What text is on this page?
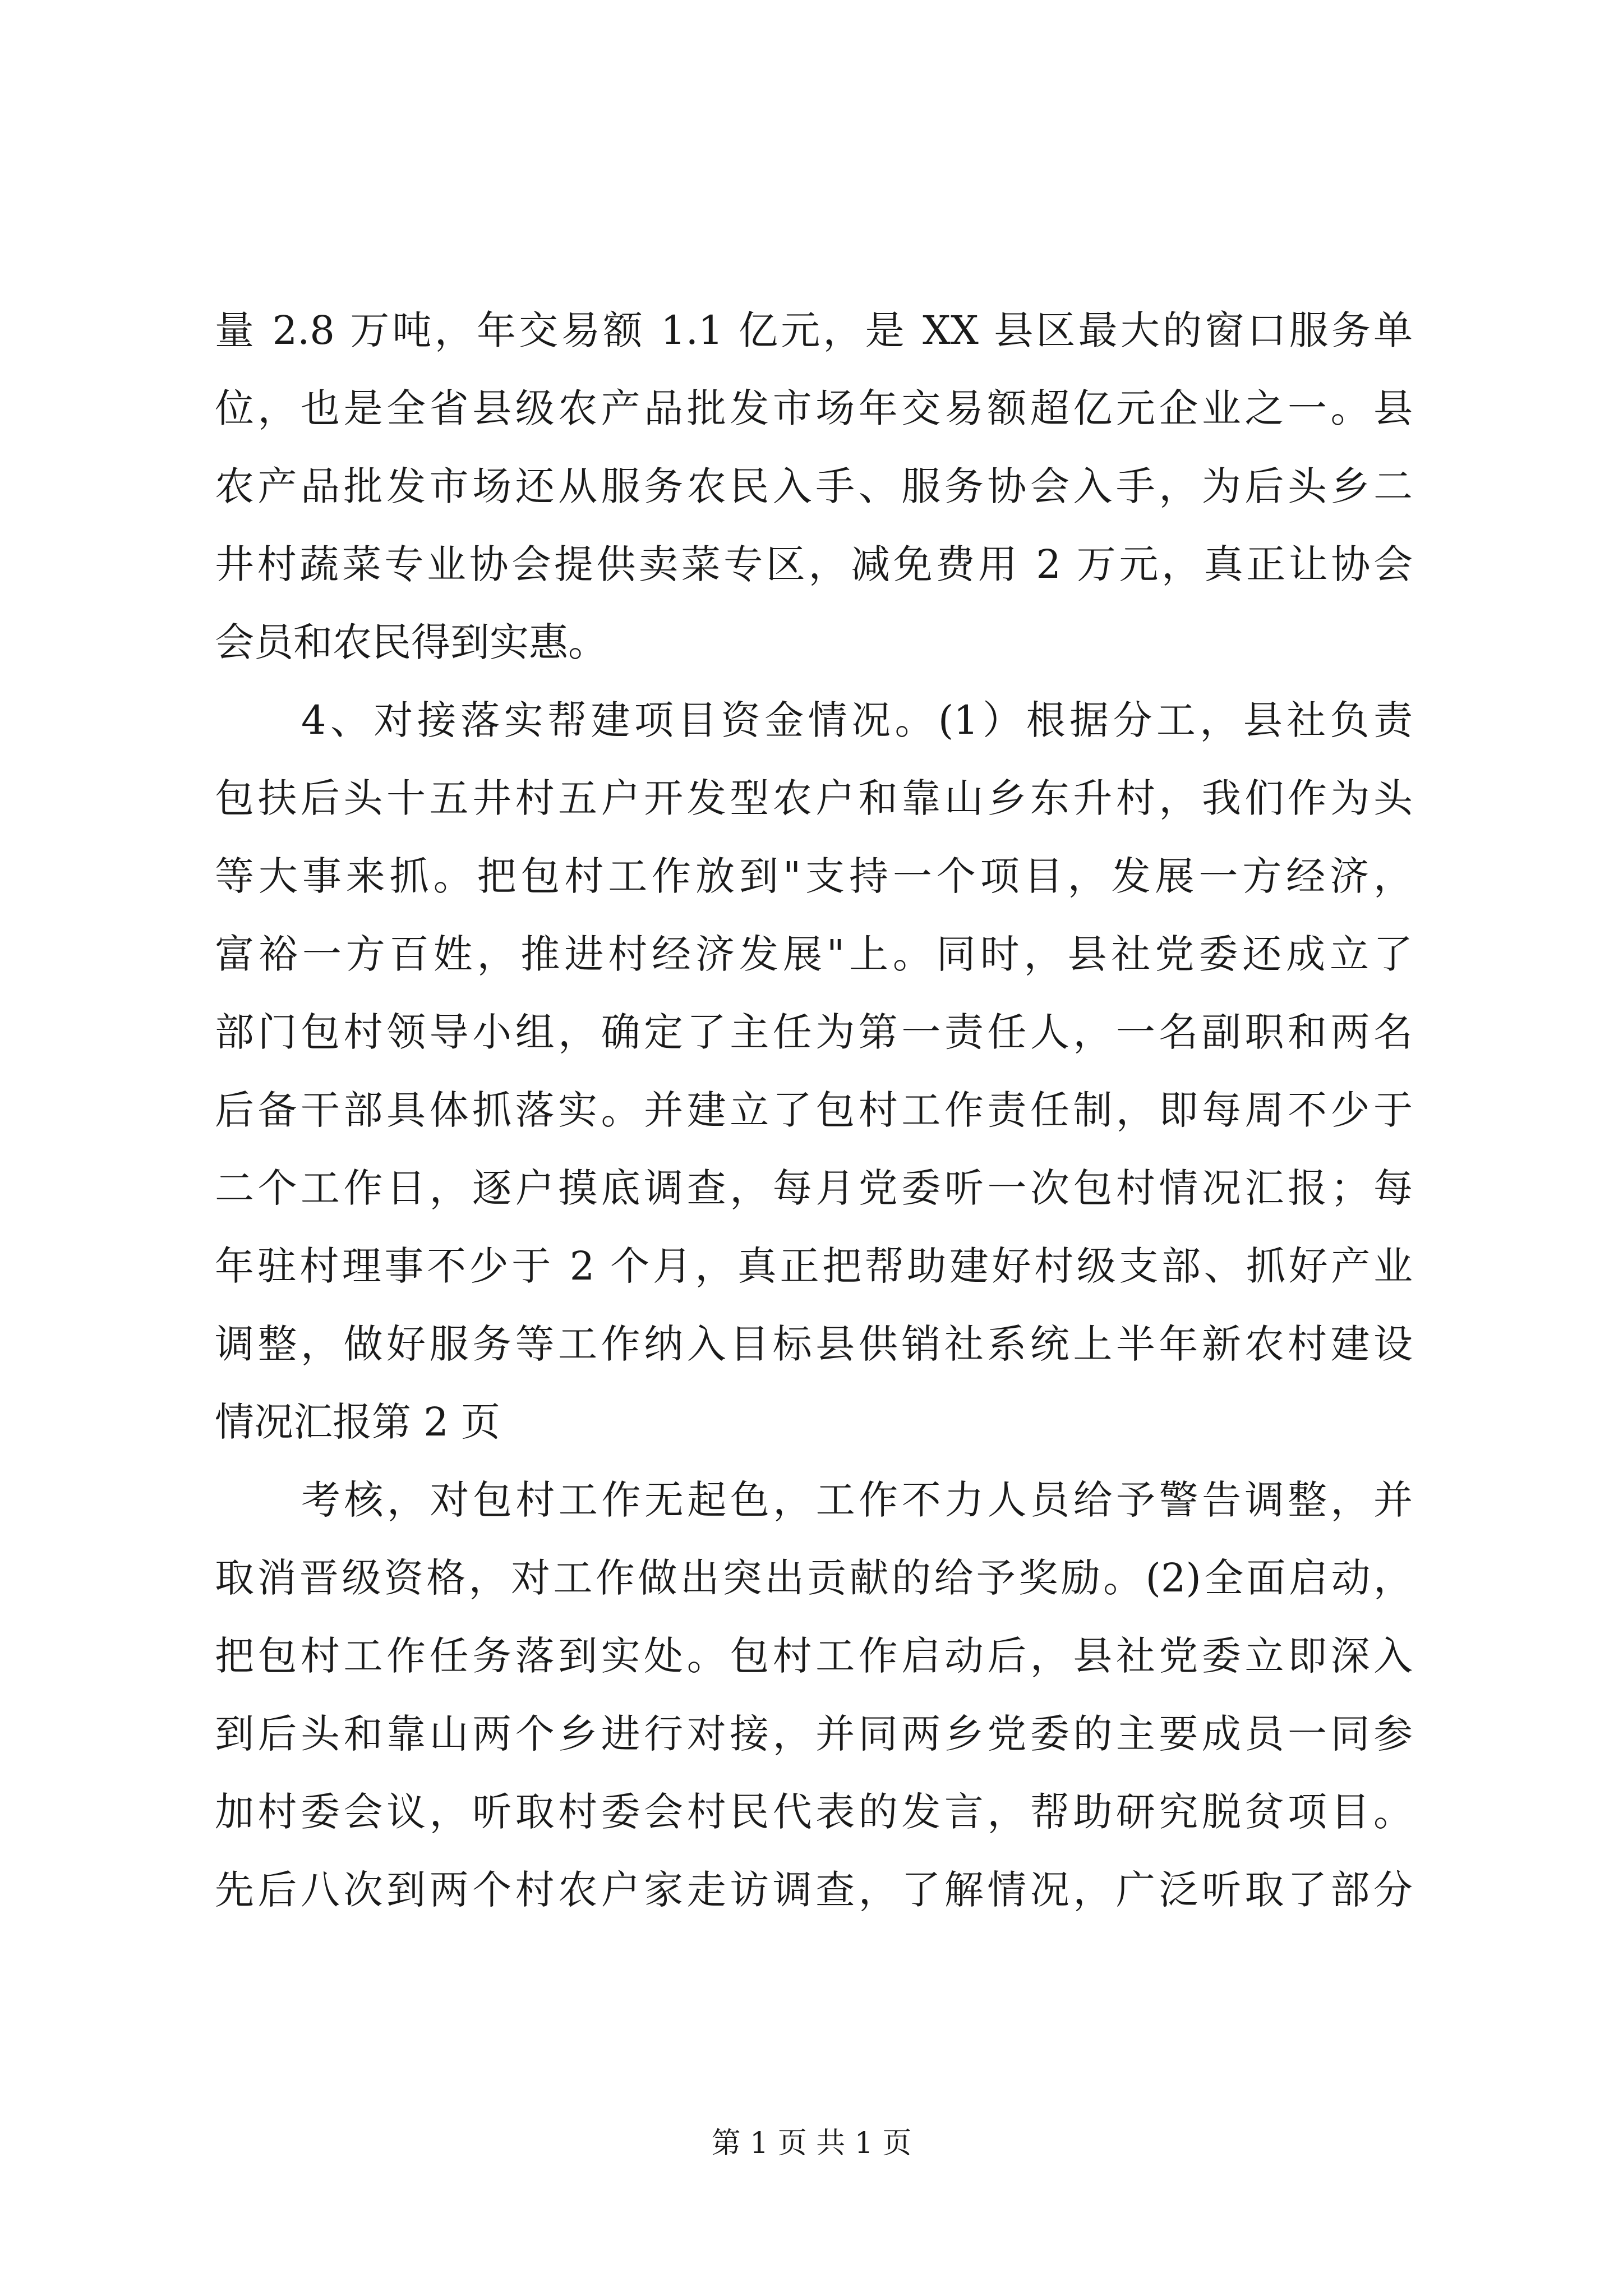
量 2.8 万吨，年交易额 1.1 亿元，是 XX 县区最大的窗口服务单
位，也是全省县级农产品批发市场年交易额超亿元企业之一。县
农产品批发市场还从服务农民入手、服务协会入手，为后头乡二
井村蔬菜专业协会提供卖菜专区，减免费用 2 万元，真正让协会
会员和农民得到实惠。
4、对接落实帮建项目资金情况。(1）根据分工，县社负责
包扶后头十五井村五户开发型农户和靠山乡东升村，我们作为头
等大事来抓。把包村工作放到"支持一个项目，发展一方经济，
富裕一方百姓，推进村经济发展"上。同时，县社党委还成立了
部门包村领导小组，确定了主任为第一责任人，一名副职和两名
后备干部具体抓落实。并建立了包村工作责任制，即每周不少于
二个工作日，逐户摸底调查，每月党委听一次包村情况汇报；每
年驻村理事不少于 2 个月，真正把帮助建好村级支部、抓好产业
调整，做好服务等工作纳入目标县供销社系统上半年新农村建设
情况汇报第 2 页
考核，对包村工作无起色，工作不力人员给予警告调整，并
取消晋级资格，对工作做出突出贡献的给予奖励。(2)全面启动，
把包村工作任务落到实处。包村工作启动后，县社党委立即深入
到后头和靠山两个乡进行对接，并同两乡党委的主要成员一同参
加村委会议，听取村委会村民代表的发言，帮助研究脱贫项目。
先后八次到两个村农户家走访调查，了解情况，广泛听取了部分
第 1 页 共 1 页
